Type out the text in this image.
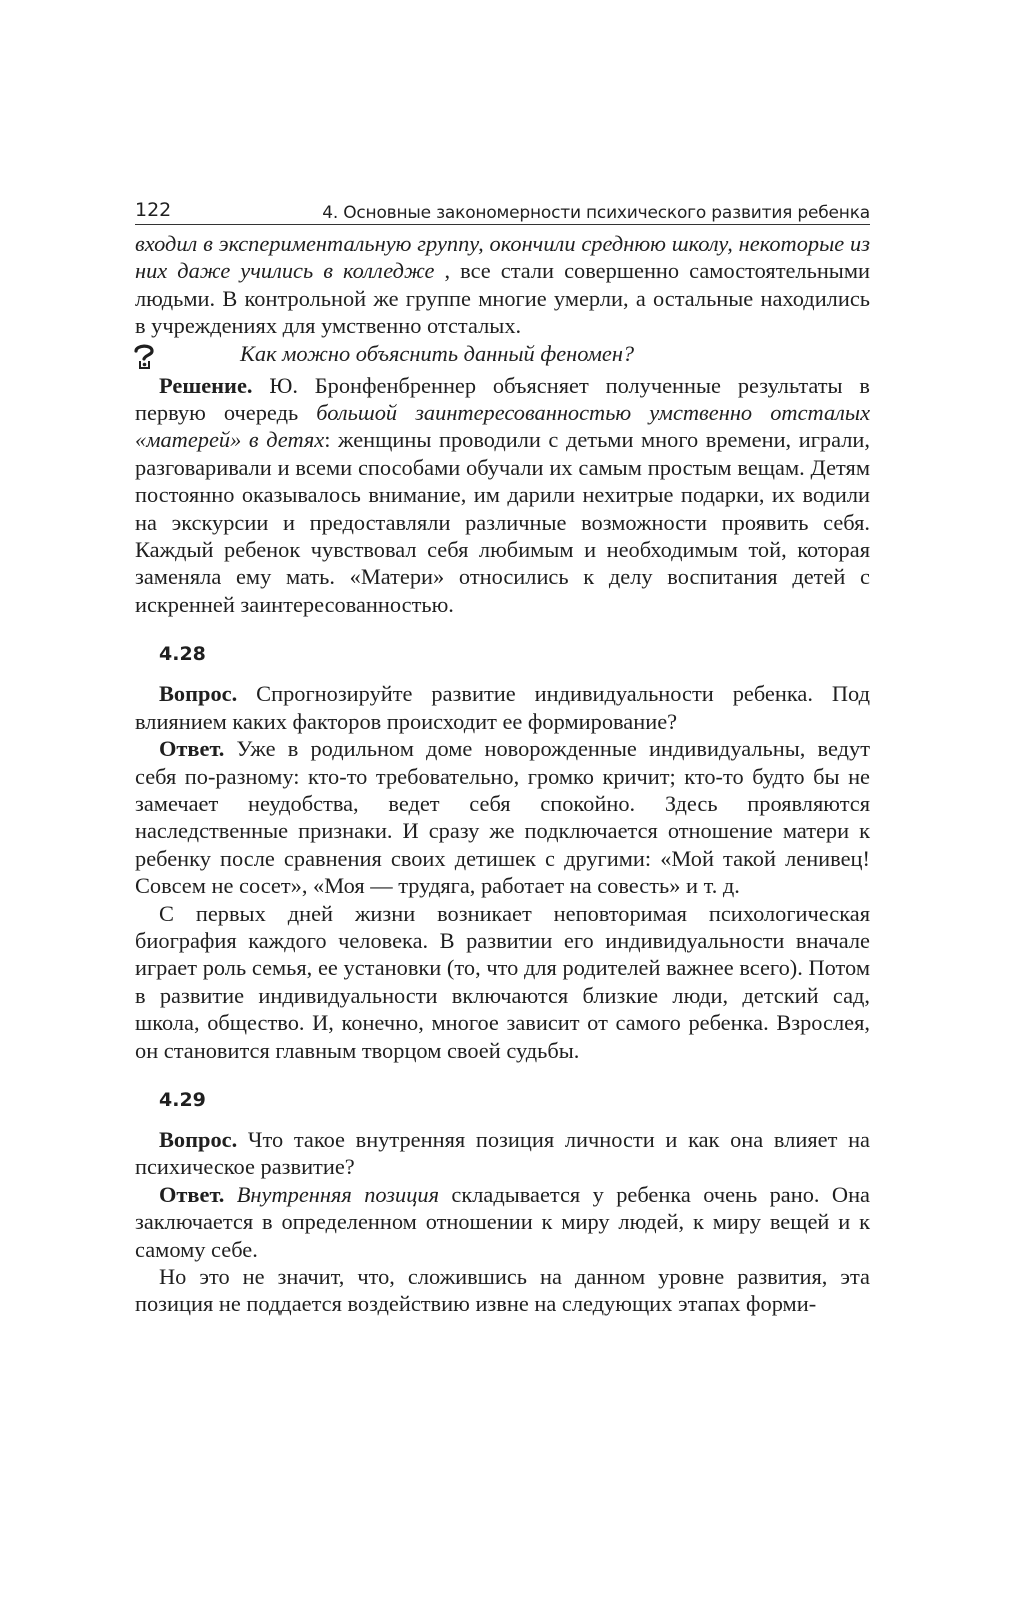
122	4. Основные закономерности психического развития ребенка

входил в экспериментальную группу, окончили среднюю школу, некоторые из них даже учились в колледже , все стали совершенно самостоятельными людьми. В контрольной же группе многие умерли, а остальные находились в учреждениях для умственно отсталых.

Как можно объяснить данный феномен?

Решение. Ю. Бронфенбреннер объясняет полученные результаты в первую очередь большой заинтересованностью умственно отсталых «матерей» в детях: женщины проводили с детьми много времени, играли, разговаривали и всеми способами обучали их самым простым вещам. Детям постоянно оказывалось внимание, им дарили нехитрые подарки, их водили на экскурсии и предоставляли различные возможности проявить себя. Каждый ребенок чувствовал себя любимым и необходимым той, которая заменяла ему мать. «Матери» относились к делу воспитания детей с искренней заинтересованностью.

4.28

Вопрос. Спрогнозируйте развитие индивидуальности ребенка. Под влиянием каких факторов происходит ее формирование?

Ответ. Уже в родильном доме новорожденные индивидуальны, ведут себя по-разному: кто-то требовательно, громко кричит; кто-то будто бы не замечает неудобства, ведет себя спокойно. Здесь проявляются наследственные признаки. И сразу же подключается отношение матери к ребенку после сравнения своих детишек с другими: «Мой такой ленивец! Совсем не сосет», «Моя — трудяга, работает на совесть» и т. д.

С первых дней жизни возникает неповторимая психологическая биография каждого человека. В развитии его индивидуальности вначале играет роль семья, ее установки (то, что для родителей важнее всего). Потом в развитие индивидуальности включаются близкие люди, детский сад, школа, общество. И, конечно, многое зависит от самого ребенка. Взрослея, он становится главным творцом своей судьбы.

4.29

Вопрос. Что такое внутренняя позиция личности и как она влияет на психическое развитие?

Ответ. Внутренняя позиция складывается у ребенка очень рано. Она заключается в определенном отношении к миру людей, к миру вещей и к самому себе.

Но это не значит, что, сложившись на данном уровне развития, эта позиция не поддается воздействию извне на следующих этапах форми-
